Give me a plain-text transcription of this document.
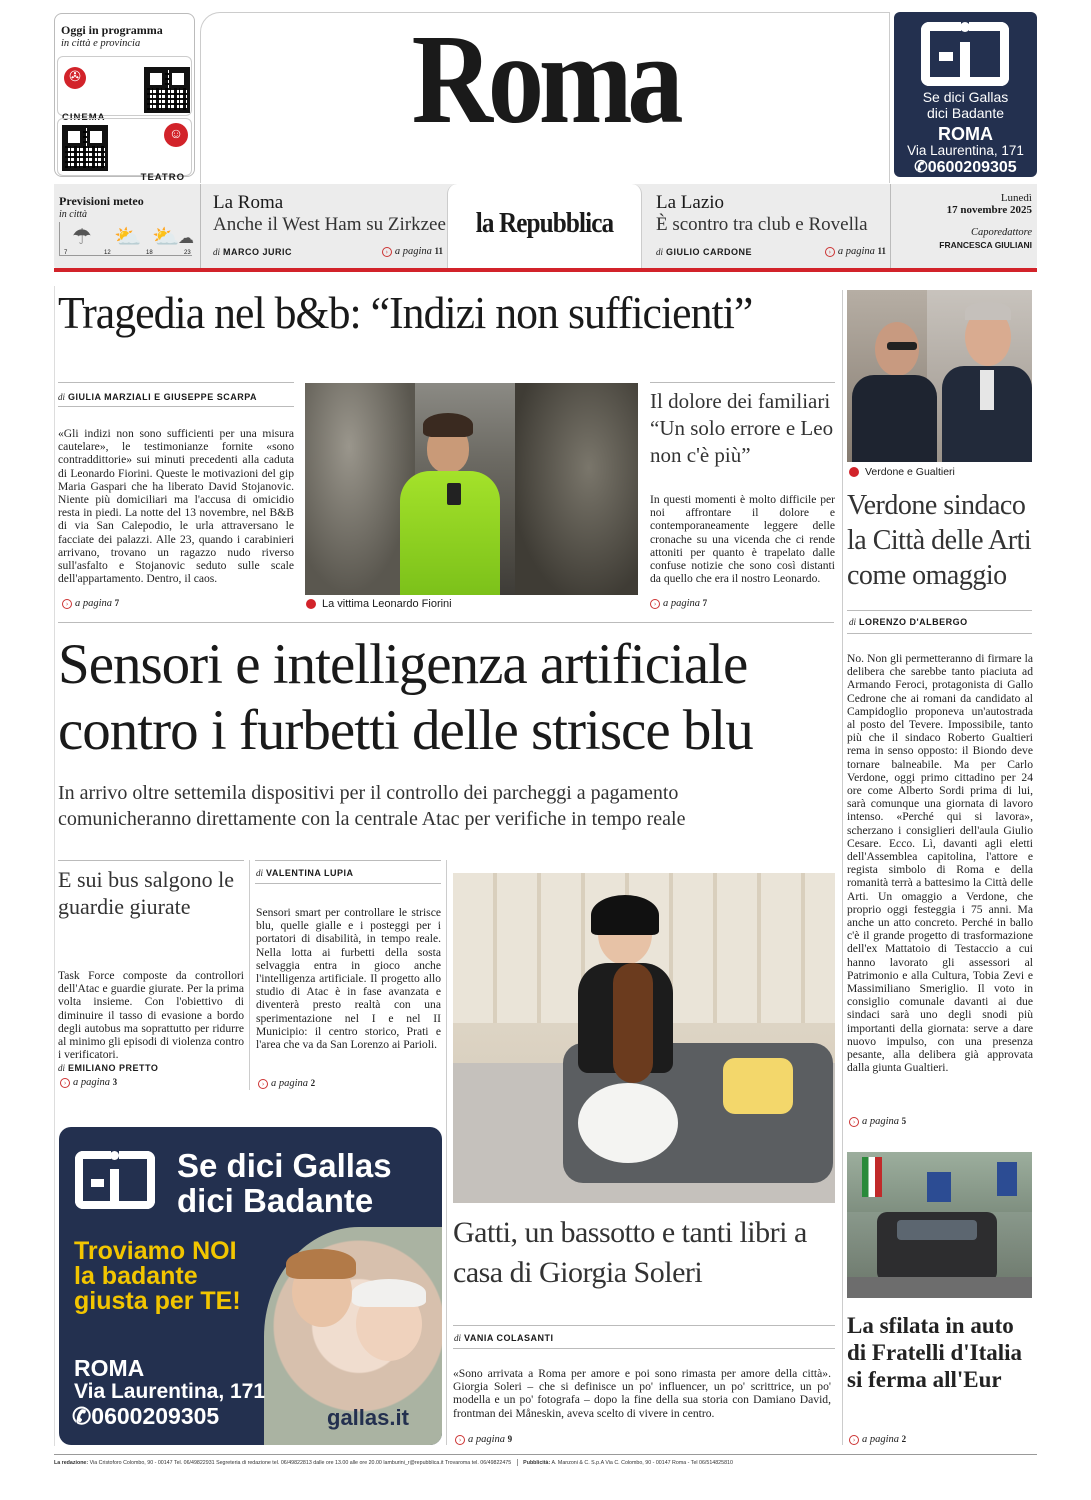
Oggi in programma
in città e provincia
✇
CINEMA
☺
TEATRO
Roma	Se dici Gallas
dici Badante
ROMA
Via Laurentina, 171
✆0600209305
Previsioni meteo
in città
☂ ⛅ ⛅
☁
7	12	18	23
La Roma
Anche il West Ham su Zirkzee
di MARCO JURIC	› a pagina 11
la Repubblica
La Lazio
È scontro tra club e Rovella
di GIULIO CARDONE	› a pagina 11
Lunedì
17 novembre 2025
Caporedattore
FRANCESCA GIULIANI
Tragedia nel b&b: “Indizi non sufficienti”
di GIULIA MARZIALI E GIUSEPPE SCARPA
«Gli indizi non sono sufficienti per una misura cautelare», le testimonianze fornite «sono contraddittorie» sui minuti precedenti alla caduta di Leonardo Fiorini. Queste le motivazioni del gip Maria Gaspari che ha liberato David Stojanovic. Niente più domiciliari ma l'accusa di omicidio resta in piedi. La notte del 13 novembre, nel B&B di via San Calepodio, le urla attraversano le facciate dei palazzi. Alle 23, quando i carabinieri arrivano, trovano un ragazzo nudo riverso sull'asfalto e Stojanovic seduto sulle scale dell'appartamento. Dentro, il caos.
› a pagina 7	La vittima Leonardo Fiorini
Il dolore dei familiari “Un solo errore e Leo non c'è più”
In questi momenti è molto difficile per noi affrontare il dolore e contemporaneamente leggere delle cronache su una vicenda che ci rende attoniti per quanto è trapelato dalle confuse notizie che sono così distanti da quello che era il nostro Leonardo.
› a pagina 7
Verdone e Gualtieri
Verdone sindaco la Città delle Arti come omaggio
di LORENZO D'ALBERGO
No. Non gli permetteranno di firmare la delibera che sarebbe tanto piaciuta ad Armando Feroci, protagonista di Gallo Cedrone che ai romani da candidato al Campidoglio proponeva un'autostrada al posto del Tevere. Impossibile, tanto più che il sindaco Roberto Gualtieri rema in senso opposto: il Biondo deve tornare balneabile. Ma per Carlo Verdone, oggi primo cittadino per 24 ore come Alberto Sordi prima di lui, sarà comunque una giornata di lavoro intenso. «Perché qui si lavora», scherzano i consiglieri dell'aula Giulio Cesare. Ecco. Lì, davanti agli eletti dell'Assemblea capitolina, l'attore e regista simbolo di Roma e della romanità terrà a battesimo la Città delle Arti. Un omaggio a Verdone, che proprio oggi festeggia i 75 anni. Ma anche un atto concreto. Perché in ballo c'è il grande progetto di trasformazione dell'ex Mattatoio di Testaccio a cui hanno lavorato gli assessori al Patrimonio e alla Cultura, Tobia Zevi e Massimiliano Smeriglio. Il voto in consiglio comunale davanti ai due sindaci sarà uno degli snodi più importanti della giornata: serve a dare nuovo impulso, con una presenza pesante, alla delibera già approvata dalla giunta Gualtieri.
› a pagina 5
Sensori e intelligenza artificiale contro i furbetti delle strisce blu
In arrivo oltre settemila dispositivi per il controllo dei parcheggi a pagamento comunicheranno direttamente con la centrale Atac per verifiche in tempo reale
E sui bus salgono le guardie giurate
Task Force composte da controllori dell'Atac e guardie giurate. Per la prima volta insieme. Con l'obiettivo di diminuire il tasso di evasione a bordo degli autobus ma soprattutto per ridurre al minimo gli episodi di violenza contro i verificatori.
di EMILIANO PRETTO
› a pagina 3
di VALENTINA LUPIA
Sensori smart per controllare le strisce blu, quelle gialle e i posteggi per i portatori di disabilità, in tempo reale. Nella lotta ai furbetti della sosta selvaggia entra in gioco anche l'intelligenza artificiale. Il progetto allo studio di Atac è in fase avanzata e diventerà presto realtà con una sperimentazione nel I e nel II Municipio: il centro storico, Prati e l'area che va da San Lorenzo ai Parioli.
› a pagina 2
Se dici Gallas
dici Badante
Troviamo NOI
la badante
giusta per TE!
ROMA
Via Laurentina, 171
✆0600209305	gallas.it
Gatti, un bassotto e tanti libri a casa di Giorgia Soleri
di VANIA COLASANTI
«Sono arrivata a Roma per amore e poi sono rimasta per amore della città». Giorgia Soleri – che si definisce un po' influencer, un po' scrittrice, un po' modella e un po' fotografa – dopo la fine della sua storia con Damiano David, frontman dei Måneskin, aveva scelto di vivere in centro.
› a pagina 9
La sfilata in auto di Fratelli d'Italia si ferma all'Eur
› a pagina 2
La redazione: Via Cristoforo Colombo, 90 - 00147 Tel. 06/49822931 Segreteria di redazione tel. 06/49822813 dalle ore 13.00 alle ore 20.00 lamburini_r@repubblica.it Trovaroma tel. 06/49822475 Pubblicità: A. Manzoni & C. S.p.A Via C. Colombo, 90 - 00147 Roma - Tel 06/514825810
